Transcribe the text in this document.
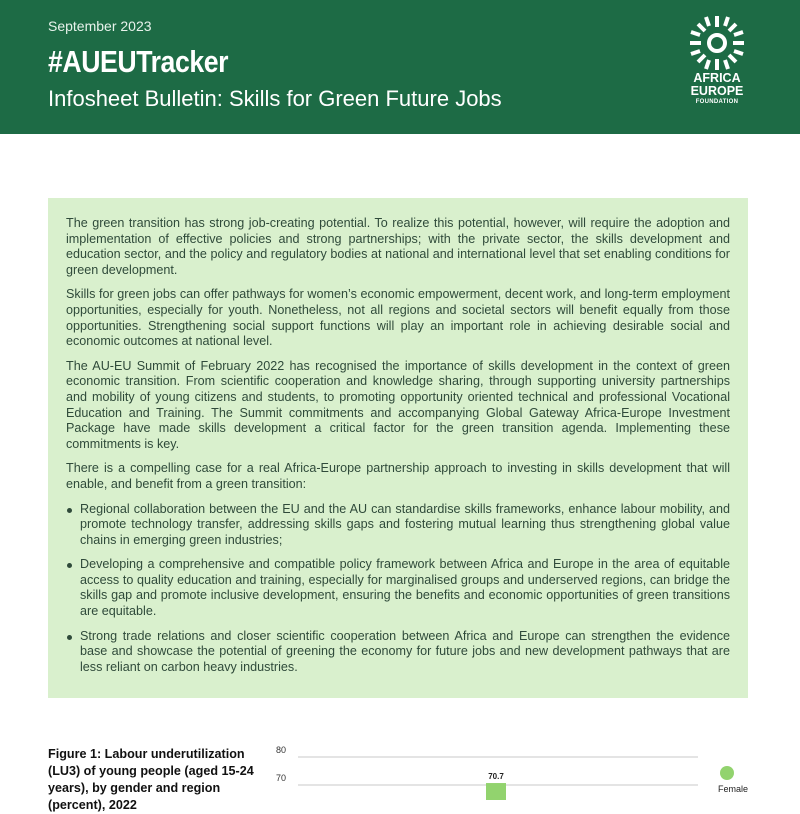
September 2023
#AUEUTracker
Infosheet Bulletin: Skills for Green Future Jobs
AFRICA
EUROPE
FOUNDATION

The green transition has strong job-creating potential. To realize this potential, however, will require the adoption and implementation of effective policies and strong partnerships; with the private sector, the skills development and education sector, and the policy and regulatory bodies at national and international level that set enabling conditions for green development.

Skills for green jobs can offer pathways for women’s economic empowerment, decent work, and long-term employment opportunities, especially for youth. Nonetheless, not all regions and societal sectors will benefit equally from those opportunities. Strengthening social support functions will play an important role in achieving desirable social and economic outcomes at national level.

The AU-EU Summit of February 2022 has recognised the importance of skills development in the context of green economic transition. From scientific cooperation and knowledge sharing, through supporting university partnerships and mobility of young citizens and students, to promoting opportunity oriented technical and professional Vocational Education and Training. The Summit commitments and accompanying Global Gateway Africa-Europe Investment Package have made skills development a critical factor for the green transition agenda. Implementing these commitments is key.

There is a compelling case for a real Africa-Europe partnership approach to investing in skills development that will enable, and benefit from a green transition:

Regional collaboration between the EU and the AU can standardise skills frameworks, enhance labour mobility, and promote technology transfer, addressing skills gaps and fostering mutual learning thus strengthening global value chains in emerging green industries;
Developing a comprehensive and compatible policy framework between Africa and Europe in the area of equitable access to quality education and training, especially for marginalised groups and underserved regions, can bridge the skills gap and promote inclusive development, ensuring the benefits and economic opportunities of green transitions are equitable.
Strong trade relations and closer scientific cooperation between Africa and Europe can strengthen the evidence base and showcase the potential of greening the economy for future jobs and new development pathways that are less reliant on carbon heavy industries.
Figure 1: Labour underutilization (LU3) of young people (aged 15-24 years), by gender and region (percent), 2022
80
70	70.7
Female
